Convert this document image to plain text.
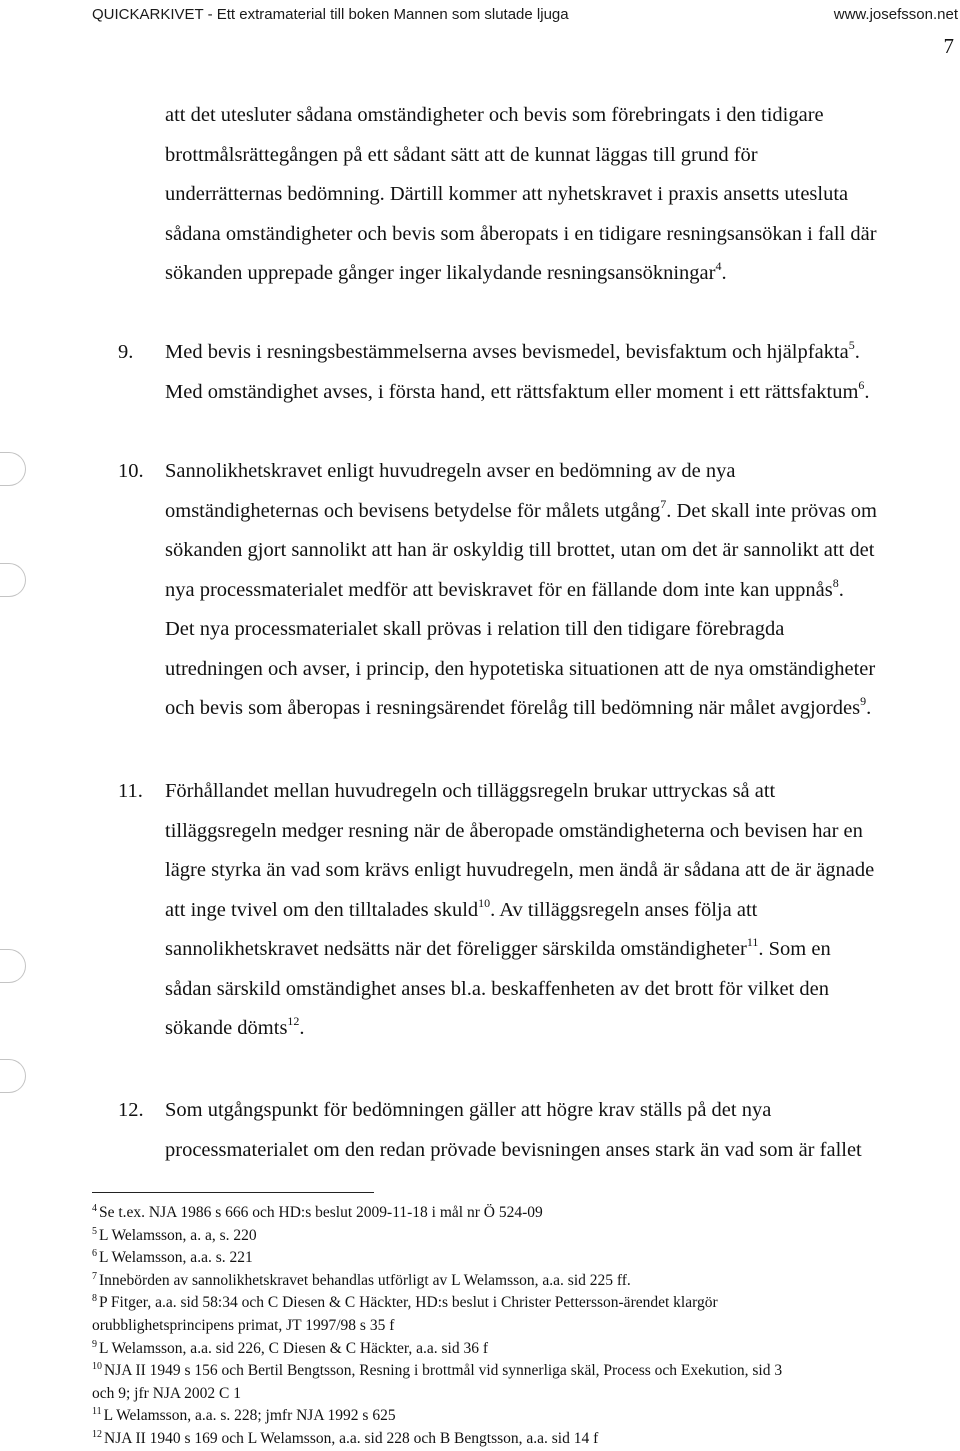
QUICKARKIVET - Ett extramaterial till boken Mannen som slutade ljuga	www.josefsson.net
7
att det utesluter sådana omständigheter och bevis som förebringats i den tidigare
brottmålsrättegången på ett sådant sätt att de kunnat läggas till grund för
underrätternas bedömning. Därtill kommer att nyhetskravet i praxis ansetts utesluta
sådana omständigheter och bevis som åberopats i en tidigare resningsansökan i fall där
sökanden upprepade gånger inger likalydande resningsansökningar$^4$.
9. Med bevis i resningsbestämmelserna avses bevismedel, bevisfaktum och hjälpfakta$^5$.
Med omständighet avses, i första hand, ett rättsfaktum eller moment i ett rättsfaktum$^6$.
10. Sannolikhetskravet enligt huvudregeln avser en bedömning av de nya
omständigheternas och bevisens betydelse för målets utgång$^7$. Det skall inte prövas om
sökanden gjort sannolikt att han är oskyldig till brottet, utan om det är sannolikt att det
nya processmaterialet medför att beviskravet för en fällande dom inte kan uppnås$^8$.
Det nya processmaterialet skall prövas i relation till den tidigare förebragda
utredningen och avser, i princip, den hypotetiska situationen att de nya omständigheter
och bevis som åberopas i resningsärendet förelåg till bedömning när målet avgjordes$^9$.
11. Förhållandet mellan huvudregeln och tilläggsregeln brukar uttryckas så att
tilläggsregeln medger resning när de åberopade omständigheterna och bevisen har en
lägre styrka än vad som krävs enligt huvudregeln, men ändå är sådana att de är ägnade
att inge tvivel om den tilltalades skuld$^{10}$. Av tilläggsregeln anses följa att
sannolikhetskravet nedsätts när det föreligger särskilda omständigheter$^{11}$. Som en
sådan särskild omständighet anses bl.a. beskaffenheten av det brott för vilket den
sökande dömts$^{12}$.
12. Som utgångspunkt för bedömningen gäller att högre krav ställs på det nya
processmaterialet om den redan prövade bevisningen anses stark än vad som är fallet
$^4$ Se t.ex. NJA 1986 s 666 och HD:s beslut 2009-11-18 i mål nr Ö 524-09
$^5$ L Welamsson, a. a, s. 220
$^6$ L Welamsson, a.a. s. 221
$^7$ Innebörden av sannolikhetskravet behandlas utförligt av L Welamsson, a.a. sid 225 ff.
$^8$ P Fitger, a.a. sid 58:34 och C Diesen & C Häckter, HD:s beslut i Christer Pettersson-ärendet klargör
orubblighetsprincipens primat, JT 1997/98 s 35 f
$^9$ L Welamsson, a.a. sid 226, C Diesen & C Häckter, a.a. sid 36 f
$^{10}$ NJA II 1949 s 156 och Bertil Bengtsson, Resning i brottmål vid synnerliga skäl, Process och Exekution, sid 3
och 9; jfr NJA 2002 C 1
$^{11}$ L Welamsson, a.a. s. 228; jmfr NJA 1992 s 625
$^{12}$ NJA II 1940 s 169 och L Welamsson, a.a. sid 228 och B Bengtsson, a.a. sid 14 f
